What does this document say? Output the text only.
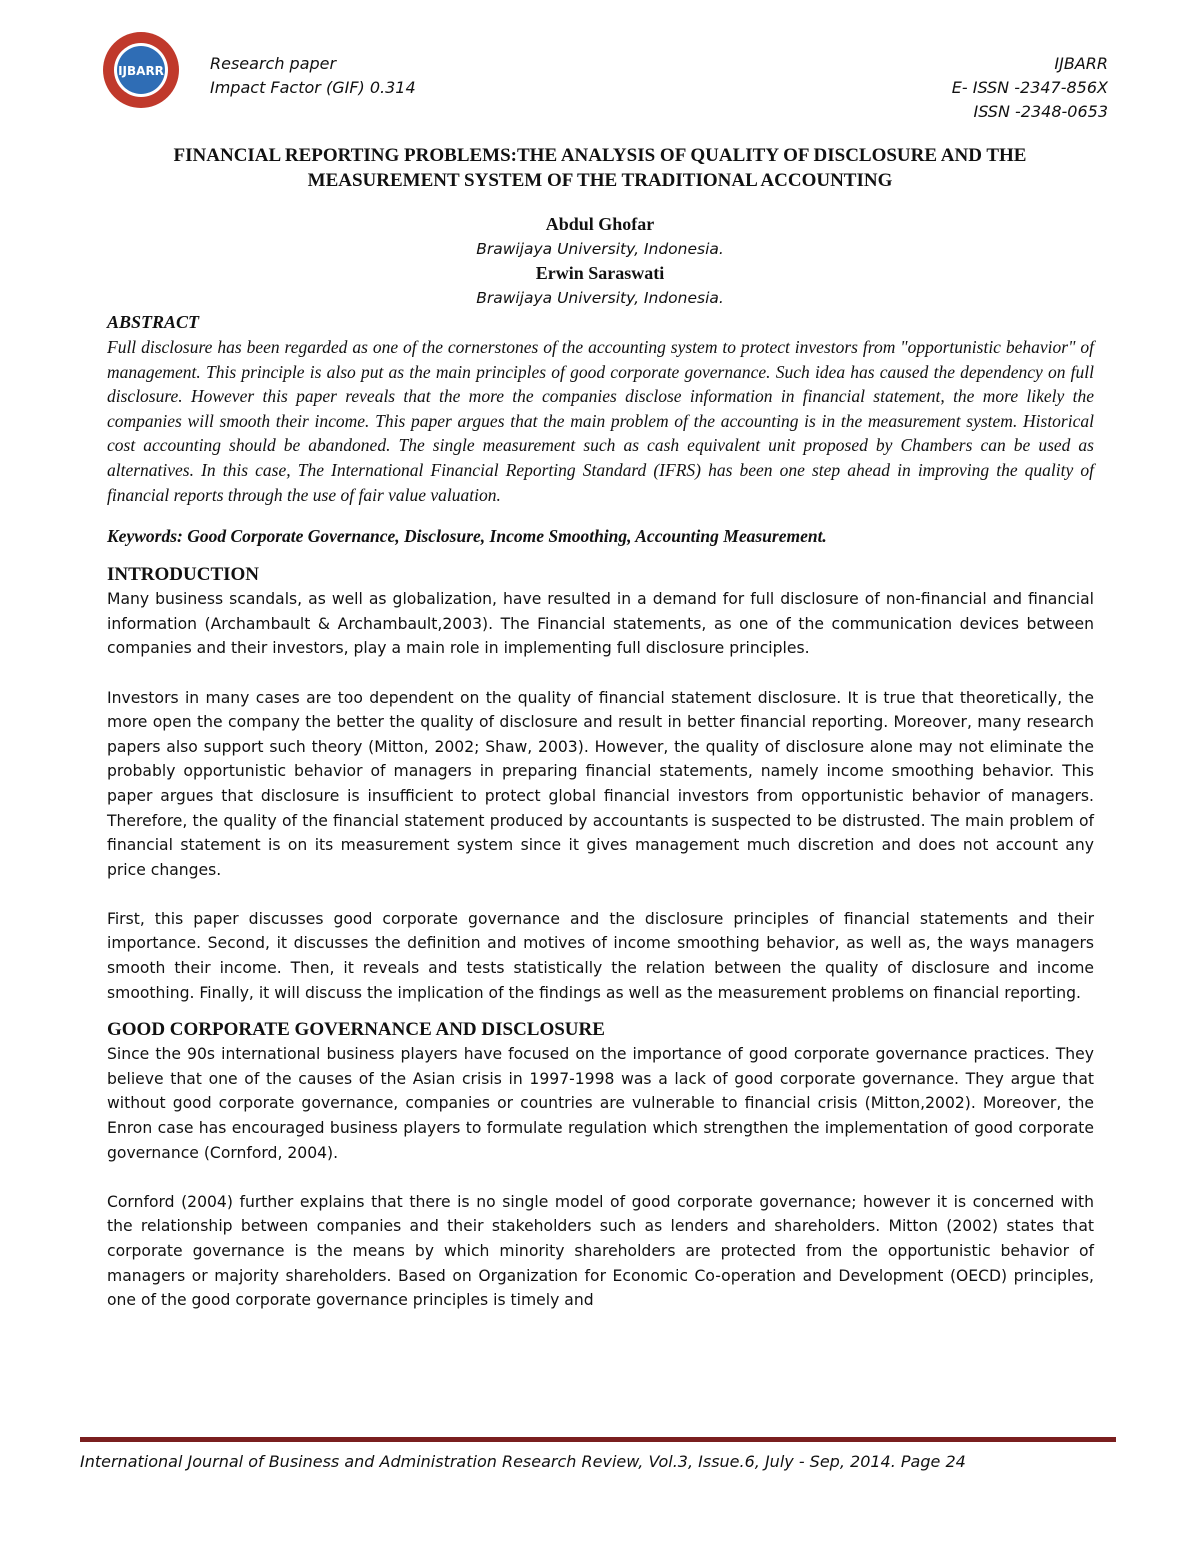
IJBARR	Research paper
Impact Factor (GIF) 0.314
IJBARR
E- ISSN -2347-856X
ISSN -2348-0653
FINANCIAL REPORTING PROBLEMS:THE ANALYSIS OF QUALITY OF DISCLOSURE AND THE MEASUREMENT SYSTEM OF THE TRADITIONAL ACCOUNTING
Abdul Ghofar
Brawijaya University, Indonesia.
Erwin Saraswati
Brawijaya University, Indonesia.

ABSTRACT

Full disclosure has been regarded as one of the cornerstones of the accounting system to protect investors from "opportunistic behavior" of management. This principle is also put as the main principles of good corporate governance. Such idea has caused the dependency on full disclosure. However this paper reveals that the more the companies disclose information in financial statement, the more likely the companies will smooth their income. This paper argues that the main problem of the accounting is in the measurement system. Historical cost accounting should be abandoned. The single measurement such as cash equivalent unit proposed by Chambers can be used as alternatives. In this case, The International Financial Reporting Standard (IFRS) has been one step ahead in improving the quality of financial reports through the use of fair value valuation.

Keywords: Good Corporate Governance, Disclosure, Income Smoothing, Accounting Measurement.

INTRODUCTION

Many business scandals, as well as globalization, have resulted in a demand for full disclosure of non-financial and financial information (Archambault & Archambault,2003). The Financial statements, as one of the communication devices between companies and their investors, play a main role in implementing full disclosure principles.

Investors in many cases are too dependent on the quality of financial statement disclosure. It is true that theoretically, the more open the company the better the quality of disclosure and result in better financial reporting. Moreover, many research papers also support such theory (Mitton, 2002; Shaw, 2003). However, the quality of disclosure alone may not eliminate the probably opportunistic behavior of managers in preparing financial statements, namely income smoothing behavior. This paper argues that disclosure is insufficient to protect global financial investors from opportunistic behavior of managers. Therefore, the quality of the financial statement produced by accountants is suspected to be distrusted. The main problem of financial statement is on its measurement system since it gives management much discretion and does not account any price changes.

First, this paper discusses good corporate governance and the disclosure principles of financial statements and their importance. Second, it discusses the definition and motives of income smoothing behavior, as well as, the ways managers smooth their income. Then, it reveals and tests statistically the relation between the quality of disclosure and income smoothing. Finally, it will discuss the implication of the findings as well as the measurement problems on financial reporting.

GOOD CORPORATE GOVERNANCE AND DISCLOSURE

Since the 90s international business players have focused on the importance of good corporate governance practices. They believe that one of the causes of the Asian crisis in 1997-1998 was a lack of good corporate governance. They argue that without good corporate governance, companies or countries are vulnerable to financial crisis (Mitton,2002). Moreover, the Enron case has encouraged business players to formulate regulation which strengthen the implementation of good corporate governance (Cornford, 2004).

Cornford (2004) further explains that there is no single model of good corporate governance; however it is concerned with the relationship between companies and their stakeholders such as lenders and shareholders. Mitton (2002) states that corporate governance is the means by which minority shareholders are protected from the opportunistic behavior of managers or majority shareholders. Based on Organization for Economic Co-operation and Development (OECD) principles, one of the good corporate governance principles is timely and

International Journal of Business and Administration Research Review, Vol.3, Issue.6, July - Sep, 2014. Page 24
